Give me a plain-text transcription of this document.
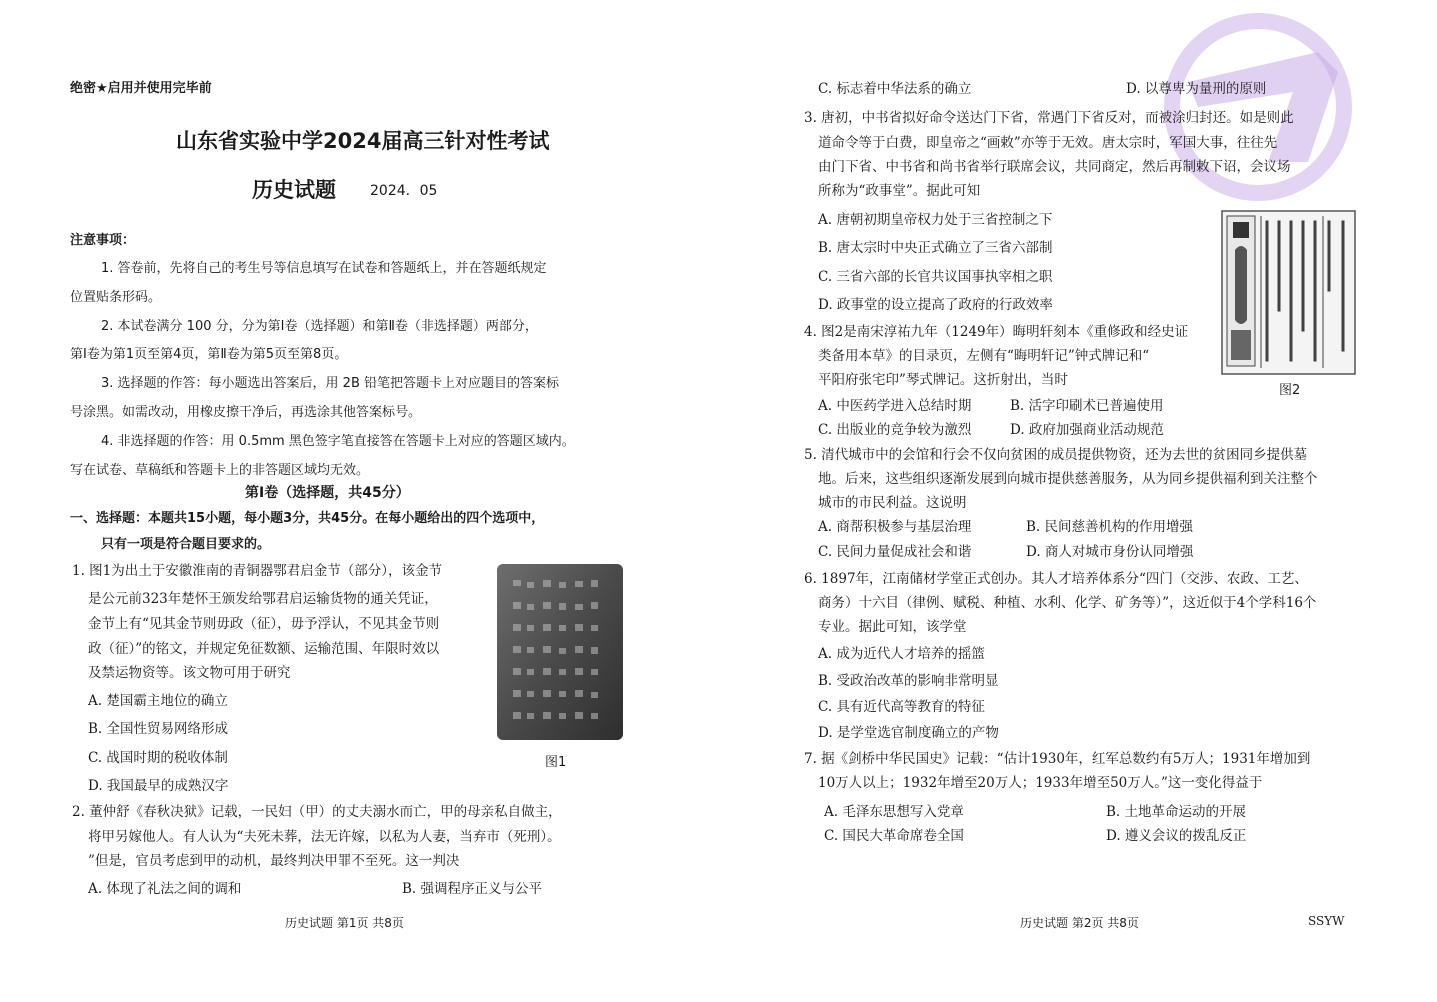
绝密★启用并使用完毕前
山东省实验中学2024届高三针对性考试
历史试题 2024．05
注意事项：
1. 答卷前，先将自己的考生号等信息填写在试卷和答题纸上，并在答题纸规定
位置贴条形码。
2. 本试卷满分 100 分，分为第Ⅰ卷（选择题）和第Ⅱ卷（非选择题）两部分，
第Ⅰ卷为第1页至第4页，第Ⅱ卷为第5页至第8页。
3. 选择题的作答：每小题选出答案后，用 2B 铅笔把答题卡上对应题目的答案标
号涂黑。如需改动，用橡皮擦干净后，再选涂其他答案标号。
4. 非选择题的作答：用 0.5mm 黑色签字笔直接答在答题卡上对应的答题区域内。
写在试卷、草稿纸和答题卡上的非答题区域均无效。
第Ⅰ卷（选择题，共45分）
一、选择题：本题共15小题，每小题3分，共45分。在每小题给出的四个选项中，
只有一项是符合题目要求的。
1. 图1为出土于安徽淮南的青铜器鄂君启金节（部分），该金节
是公元前323年楚怀王颁发给鄂君启运输货物的通关凭证，
金节上有“见其金节则毋政（征），毋予浮认，不见其金节则
政（征）”的铭文，并规定免征数额、运输范围、年限时效以
及禁运物资等。该文物可用于研究
A. 楚国霸主地位的确立
B. 全国性贸易网络形成
C. 战国时期的税收体制
D. 我国最早的成熟汉字
图1
2. 董仲舒《春秋决狱》记载，一民妇（甲）的丈夫溺水而亡，甲的母亲私自做主，
将甲另嫁他人。有人认为“夫死未葬，法无许嫁，以私为人妻，当弃市（死刑）。
”但是，官员考虑到甲的动机，最终判决甲罪不至死。这一判决
A. 体现了礼法之间的调和	B. 强调程序正义与公平
历史试题 第1页 共8页
C. 标志着中华法系的确立	D. 以尊卑为量刑的原则
3. 唐初，中书省拟好命令送达门下省，常遇门下省反对，而被涂归封还。如是则此
道命令等于白费，即皇帝之“画敕”亦等于无效。唐太宗时，军国大事，往往先
由门下省、中书省和尚书省举行联席会议，共同商定，然后再制敕下诏，会议场
所称为“政事堂”。据此可知
A. 唐朝初期皇帝权力处于三省控制之下
B. 唐太宗时中央正式确立了三省六部制
C. 三省六部的长官共议国事执宰相之职
D. 政事堂的设立提高了政府的行政效率
图2
4. 图2是南宋淳祐九年（1249年）晦明轩刻本《重修政和经史证
类备用本草》的目录页，左侧有“晦明轩记”钟式牌记和“
平阳府张宅印”琴式牌记。这折射出，当时
A. 中医药学进入总结时期	B. 活字印刷术已普遍使用
C. 出版业的竞争较为激烈	D. 政府加强商业活动规范
5. 清代城市中的会馆和行会不仅向贫困的成员提供物资，还为去世的贫困同乡提供墓
地。后来，这些组织逐渐发展到向城市提供慈善服务，从为同乡提供福利到关注整个
城市的市民利益。这说明
A. 商帮积极参与基层治理	B. 民间慈善机构的作用增强
C. 民间力量促成社会和谐	D. 商人对城市身份认同增强
6. 1897年，江南储材学堂正式创办。其人才培养体系分“四门（交涉、农政、工艺、
商务）十六目（律例、赋税、种植、水利、化学、矿务等）”，这近似于4个学科16个
专业。据此可知，该学堂
A. 成为近代人才培养的摇篮
B. 受政治改革的影响非常明显
C. 具有近代高等教育的特征
D. 是学堂选官制度确立的产物
7. 据《剑桥中华民国史》记载：“估计1930年，红军总数约有5万人；1931年增加到
10万人以上；1932年增至20万人；1933年增至50万人。”这一变化得益于
A. 毛泽东思想写入党章	B. 土地革命运动的开展
C. 国民大革命席卷全国	D. 遵义会议的拨乱反正
历史试题 第2页 共8页	SSYW
